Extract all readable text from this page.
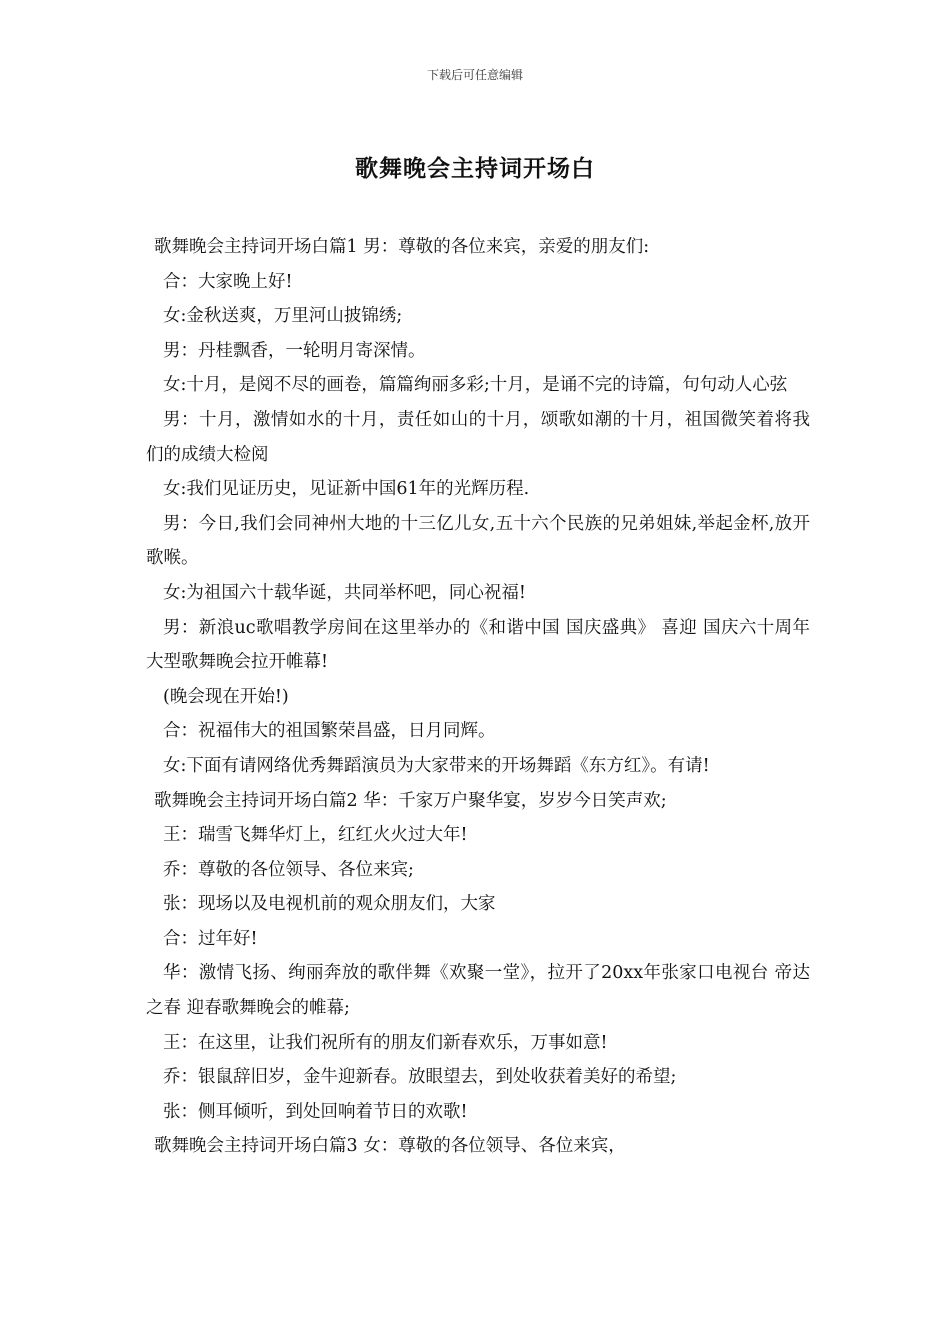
下载后可任意编辑
歌舞晚会主持词开场白

歌舞晚会主持词开场白篇1 男：尊敬的各位来宾，亲爱的朋友们:

合：大家晚上好!

女:金秋送爽，万里河山披锦绣;

男：丹桂飘香，一轮明月寄深情。

女:十月，是阅不尽的画卷，篇篇绚丽多彩;十月，是诵不完的诗篇，句句动人心弦

男：十月，激情如水的十月，责任如山的十月，颂歌如潮的十月，祖国微笑着将我们的成绩大检阅

女:我们见证历史，见证新中国61年的光辉历程.

男：今日,我们会同神州大地的十三亿儿女,五十六个民族的兄弟姐妹,举起金杯,放开歌喉。

女:为祖国六十载华诞，共同举杯吧，同心祝福!

男：新浪uc歌唱教学房间在这里举办的《和谐中国 国庆盛典》 喜迎 国庆六十周年大型歌舞晚会拉开帷幕!

(晚会现在开始!)

合：祝福伟大的祖国繁荣昌盛，日月同辉。

女:下面有请网络优秀舞蹈演员为大家带来的开场舞蹈《东方红》。有请!

歌舞晚会主持词开场白篇2 华：千家万户聚华宴，岁岁今日笑声欢;

王：瑞雪飞舞华灯上，红红火火过大年!

乔：尊敬的各位领导、各位来宾;

张：现场以及电视机前的观众朋友们，大家

合：过年好!

华：激情飞扬、绚丽奔放的歌伴舞《欢聚一堂》，拉开了20xx年张家口电视台 帝达之春 迎春歌舞晚会的帷幕;

王：在这里，让我们祝所有的朋友们新春欢乐，万事如意!

乔：银鼠辞旧岁，金牛迎新春。放眼望去，到处收获着美好的希望;

张：侧耳倾听，到处回响着节日的欢歌!

歌舞晚会主持词开场白篇3 女：尊敬的各位领导、各位来宾，
